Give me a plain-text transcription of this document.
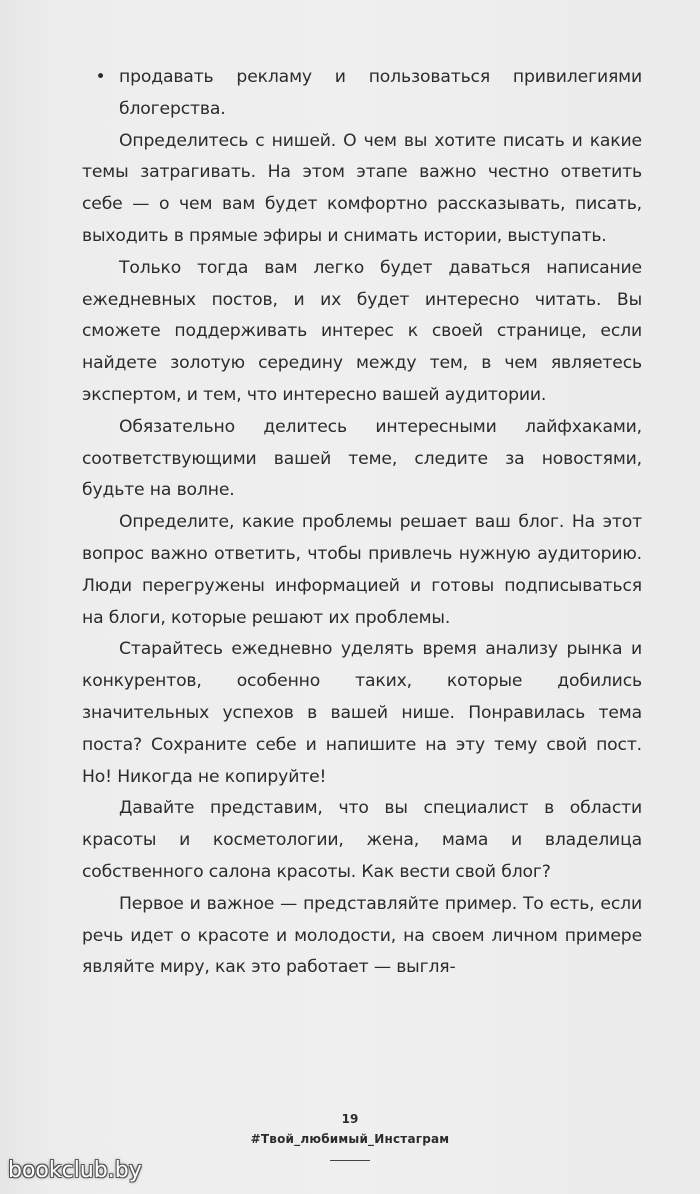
• продавать рекламу и пользоваться привилегиями блогерства.

Определитесь с нишей. О чем вы хотите писать и какие темы затрагивать. На этом этапе важно честно ответить себе — о чем вам будет комфортно рассказывать, писать, выходить в прямые эфиры и снимать истории, выступать.

Только тогда вам легко будет даваться написание ежедневных постов, и их будет интересно читать. Вы сможете поддерживать интерес к своей странице, если найдете золотую середину между тем, в чем являетесь экспертом, и тем, что интересно вашей аудитории.

Обязательно делитесь интересными лайфхаками, соответствующими вашей теме, следите за новостями, будьте на волне.

Определите, какие проблемы решает ваш блог. На этот вопрос важно ответить, чтобы привлечь нужную аудиторию. Люди перегружены информацией и готовы подписываться на блоги, которые решают их проблемы.

Старайтесь ежедневно уделять время анализу рынка и конкурентов, особенно таких, которые добились значительных успехов в вашей нише. Понравилась тема поста? Сохраните себе и напишите на эту тему свой пост. Но! Никогда не копируйте!

Давайте представим, что вы специалист в области красоты и косметологии, жена, мама и владелица собственного салона красоты. Как вести свой блог?

Первое и важное — представляйте пример. То есть, если речь идет о красоте и молодости, на своем личном примере являйте миру, как это работает — выгля-

19
#Твой_любимый_Инстаграм
bookclub.by
